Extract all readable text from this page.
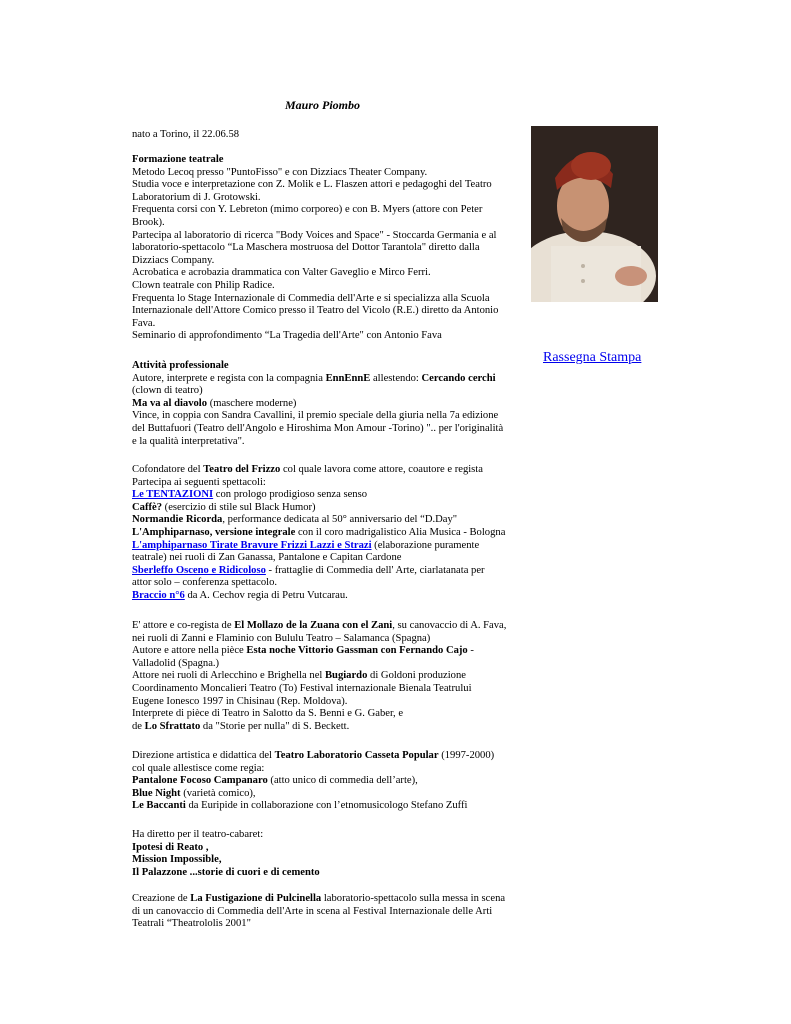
Mauro Piombo
Rassegna Stampa
nato a Torino, il 22.06.58
Formazione teatrale
Metodo Lecoq presso "PuntoFisso" e con Dizziacs Theater Company.
Studia voce e interpretazione con Z. Molik e L. Flaszen attori e pedagoghi del Teatro
Laboratorium di J. Grotowski.
Frequenta corsi con Y. Lebreton (mimo corporeo) e con B. Myers (attore con Peter
Brook).
Partecipa al laboratorio di ricerca "Body Voices and Space" - Stoccarda Germania e al
laboratorio-spettacolo “La Maschera mostruosa del Dottor Tarantola" diretto dalla
Dizziacs Company.
Acrobatica e acrobazia drammatica con Valter Gaveglio e Mirco Ferri.
Clown teatrale con Philip Radice.
Frequenta lo Stage Internazionale di Commedia dell'Arte e si specializza alla Scuola
Internazionale dell'Attore Comico presso il Teatro del Vicolo (R.E.) diretto da Antonio
Fava.
Seminario di approfondimento “La Tragedia dell'Arte" con Antonio Fava
Attività professionale
Autore, interprete e regista con la compagnia EnnEnnE allestendo: Cercando cerchi
(clown di teatro)
Ma va al diavolo (maschere moderne)
Vince, in coppia con Sandra Cavallini, il premio speciale della giuria nella 7a edizione
del Buttafuori (Teatro dell'Angolo e Hiroshima Mon Amour -Torino) ".. per l'originalità
e la qualità interpretativa".
Cofondatore del Teatro del Frizzo col quale lavora come attore, coautore e regista
Partecipa ai seguenti spettacoli:
Le TENTAZIONI con prologo prodigioso senza senso
Caffè? (esercizio di stile sul Black Humor)
Normandie Ricorda, performance dedicata al 50° anniversario del “D.Day"
L'Amphiparnaso, versione integrale con il coro madrigalistico Alia Musica - Bologna
L'amphiparnaso Tirate Bravure Frizzi Lazzi e Strazi (elaborazione puramente
teatrale) nei ruoli di Zan Ganassa, Pantalone e Capitan Cardone
Sberleffo Osceno e Ridicoloso - frattaglie di Commedia dell' Arte, ciarlatanata per
attor solo – conferenza spettacolo.
Braccio n°6 da A. Cechov regia di Petru Vutcarau.
E' attore e co-regista de El Mollazo de la Zuana con el Zani, su canovaccio di A. Fava,
nei ruoli di Zanni e Flaminio con Bululu Teatro – Salamanca (Spagna)
Autore e attore nella pièce Esta noche Vittorio Gassman con Fernando Cajo -
Valladolid (Spagna.)
Attore nei ruoli di Arlecchino e Brighella nel Bugiardo di Goldoni produzione
Coordinamento Moncalieri Teatro (To) Festival internazionale Bienala Teatrului
Eugene Ionesco 1997 in Chisinau (Rep. Moldova).
Interprete di pièce di Teatro in Salotto da S. Benni e G. Gaber, e
de Lo Sfrattato da "Storie per nulla" di S. Beckett.
Direzione artistica e didattica del Teatro Laboratorio Casseta Popular (1997-2000)
col quale allestisce come regia:
Pantalone Focoso Campanaro (atto unico di commedia dell’arte),
Blue Night (varietà comico),
Le Baccanti da Euripide in collaborazione con l’etnomusicologo Stefano Zuffi
Ha diretto per il teatro-cabaret:
Ipotesi di Reato ,
Mission Impossible,
Il Palazzone ...storie di cuori e di cemento
Creazione de La Fustigazione di Pulcinella laboratorio-spettacolo sulla messa in scena
di un canovaccio di Commedia dell'Arte in scena al Festival Internazionale delle Arti
Teatrali “Theatrololis 2001"
